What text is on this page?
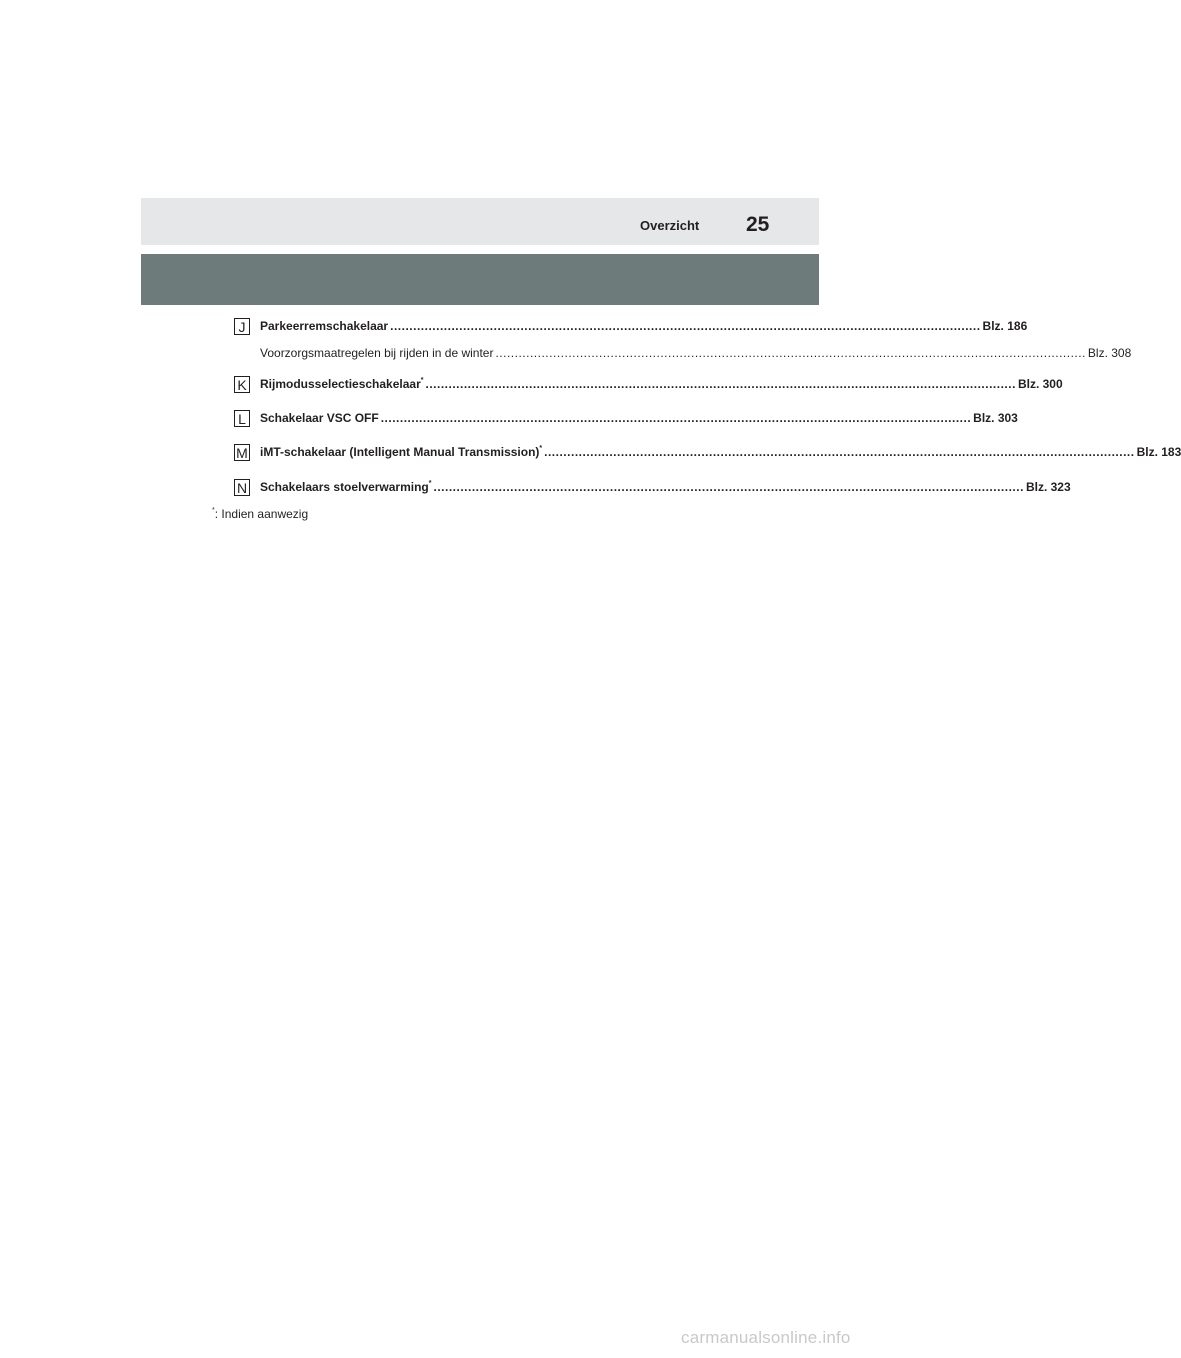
Overzicht 25
J	Parkeerremschakelaar .......................................................................................................................................................... Blz. 186
Voorzorgsmaatregelen bij rijden in de winter .......................................................................................................................................................... Blz. 308
K Rijmodusselectieschakelaar* .......................................................................................................................................................... Blz. 300
L	Schakelaar VSC OFF .......................................................................................................................................................... Blz. 303
M iMT-schakelaar (Intelligent Manual Transmission)* .......................................................................................................................................................... Blz. 183
N Schakelaars stoelverwarming* .......................................................................................................................................................... Blz. 323
*: Indien aanwezig
carmanualsonline.info
